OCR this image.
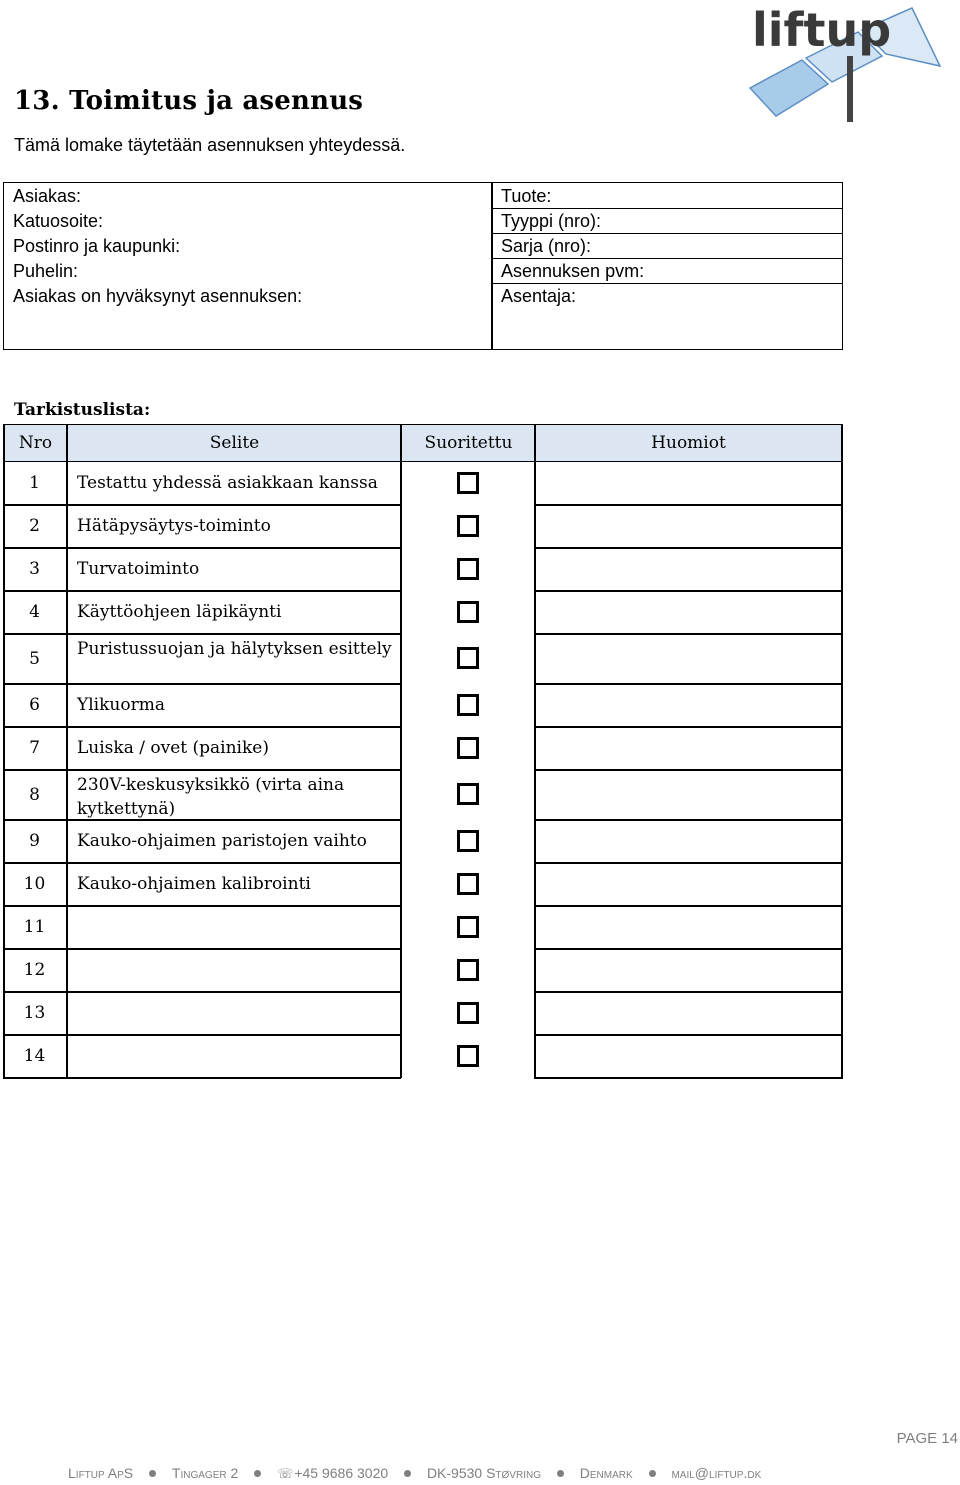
13. Toimitus ja asennus
Tämä lomake täytetään asennuksen yhteydessä.
liftup
Asiakas:
Katuosoite:
Postinro ja kaupunki:
Puhelin:
Asiakas on hyväksynyt asennuksen:
Tuote:
Tyyppi (nro):
Sarja (nro):
Asennuksen pvm:
Asentaja:
Tarkistuslista:
Nro	Selite	Suoritettu	Huomiot
1	Testattu yhdessä asiakkaan kanssa
2	Hätäpysäytys-toiminto
3	Turvatoiminto
4	Käyttöohjeen läpikäynti
5	Puristussuojan ja hälytyksen esittely
6	Ylikuorma
7	Luiska / ovet (painike)
8	230V-keskusyksikkö (virta aina kytkettynä)
9	Kauko-ohjaimen paristojen vaihto
10	Kauko-ohjaimen kalibrointi
11
12
13
14
PAGE 14
Liftup ApS	Tingager 2	☏+45 9686 3020	DK-9530 Støvring	Denmark	mail@liftup.dk
